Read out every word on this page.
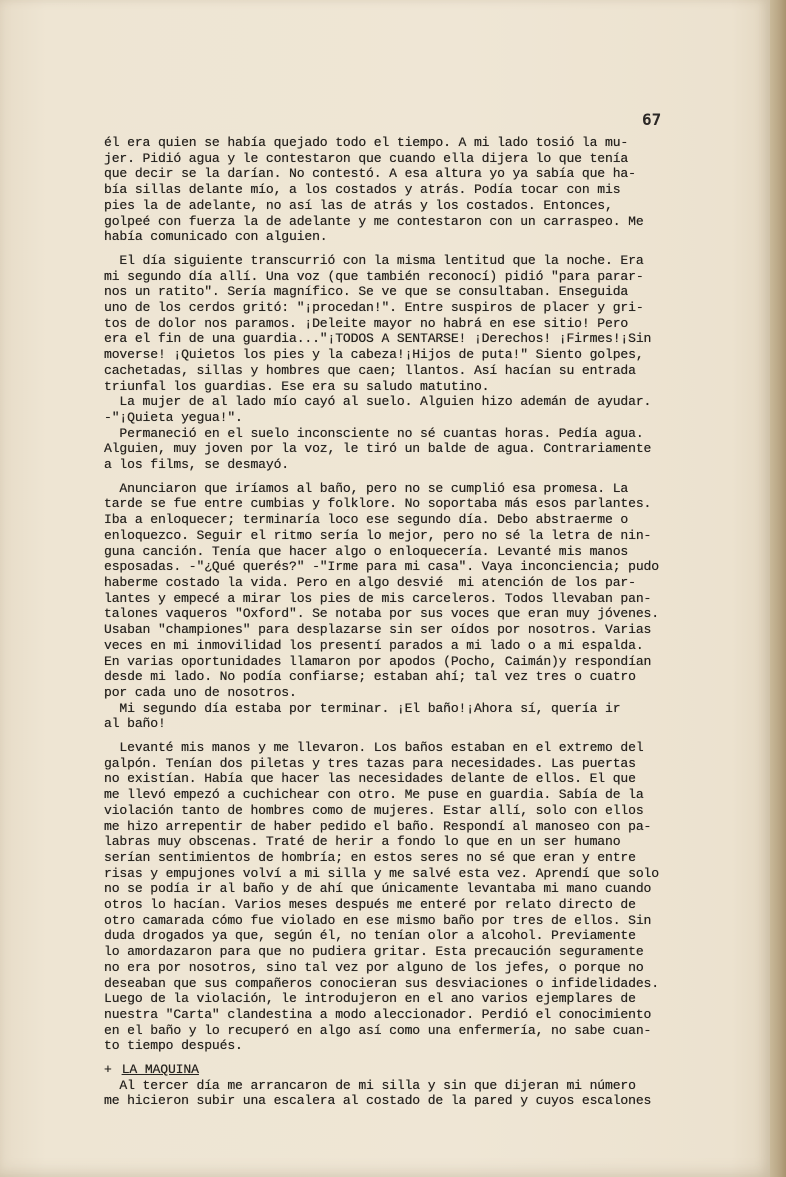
67

él era quien se había quejado todo el tiempo. A mi lado tosió la mu-

jer. Pidió agua y le contestaron que cuando ella dijera lo que tenía

que decir se la darían. No contestó. A esa altura yo ya sabía que ha-

bía sillas delante mío, a los costados y atrás. Podía tocar con mis

pies la de adelante, no así las de atrás y los costados. Entonces,

golpeé con fuerza la de adelante y me contestaron con un carraspeo. Me

había comunicado con alguien.

El día siguiente transcurrió con la misma lentitud que la noche. Era

mi segundo día allí. Una voz (que también reconocí) pidió "para parar-

nos un ratito". Sería magnífico. Se ve que se consultaban. Enseguida

uno de los cerdos gritó: "¡procedan!". Entre suspiros de placer y gri-

tos de dolor nos paramos. ¡Deleite mayor no habrá en ese sitio! Pero

era el fin de una guardia..."¡TODOS A SENTARSE! ¡Derechos! ¡Firmes!¡Sin

moverse! ¡Quietos los pies y la cabeza!¡Hijos de puta!" Siento golpes,

cachetadas, sillas y hombres que caen; llantos. Así hacían su entrada

triunfal los guardias. Ese era su saludo matutino.

La mujer de al lado mío cayó al suelo. Alguien hizo ademán de ayudar.

-"¡Quieta yegua!".

Permaneció en el suelo inconsciente no sé cuantas horas. Pedía agua.

Alguien, muy joven por la voz, le tiró un balde de agua. Contrariamente

a los films, se desmayó.

Anunciaron que iríamos al baño, pero no se cumplió esa promesa. La

tarde se fue entre cumbias y folklore. No soportaba más esos parlantes.

Iba a enloquecer; terminaría loco ese segundo día. Debo abstraerme o

enloquezco. Seguir el ritmo sería lo mejor, pero no sé la letra de nin-

guna canción. Tenía que hacer algo o enloquecería. Levanté mis manos

esposadas. -"¿Qué querés?" -"Irme para mi casa". Vaya inconciencia; pudo

haberme costado la vida. Pero en algo desvié  mi atención de los par-

lantes y empecé a mirar los pies de mis carceleros. Todos llevaban pan-

talones vaqueros "Oxford". Se notaba por sus voces que eran muy jóvenes.

Usaban "championes" para desplazarse sin ser oídos por nosotros. Varias

veces en mi inmovilidad los presentí parados a mi lado o a mi espalda.

En varias oportunidades llamaron por apodos (Pocho, Caimán)y respondían

desde mi lado. No podía confiarse; estaban ahí; tal vez tres o cuatro

por cada uno de nosotros.

Mi segundo día estaba por terminar. ¡El baño!¡Ahora sí, quería ir

al baño!

Levanté mis manos y me llevaron. Los baños estaban en el extremo del

galpón. Tenían dos piletas y tres tazas para necesidades. Las puertas

no existían. Había que hacer las necesidades delante de ellos. El que

me llevó empezó a cuchichear con otro. Me puse en guardia. Sabía de la

violación tanto de hombres como de mujeres. Estar allí, solo con ellos

me hizo arrepentir de haber pedido el baño. Respondí al manoseo con pa-

labras muy obscenas. Traté de herir a fondo lo que en un ser humano

serían sentimientos de hombría; en estos seres no sé que eran y entre

risas y empujones volví a mi silla y me salvé esta vez. Aprendí que solo

no se podía ir al baño y de ahí que únicamente levantaba mi mano cuando

otros lo hacían. Varios meses después me enteré por relato directo de

otro camarada cómo fue violado en ese mismo baño por tres de ellos. Sin

duda drogados ya que, según él, no tenían olor a alcohol. Previamente

lo amordazaron para que no pudiera gritar. Esta precaución seguramente

no era por nosotros, sino tal vez por alguno de los jefes, o porque no

deseaban que sus compañeros conocieran sus desviaciones o infidelidades.

Luego de la violación, le introdujeron en el ano varios ejemplares de

nuestra "Carta" clandestina a modo aleccionador. Perdió el conocimiento

en el baño y lo recuperó en algo así como una enfermería, no sabe cuan-

to tiempo después.

+ LA MAQUINA

Al tercer día me arrancaron de mi silla y sin que dijeran mi número

me hicieron subir una escalera al costado de la pared y cuyos escalones
